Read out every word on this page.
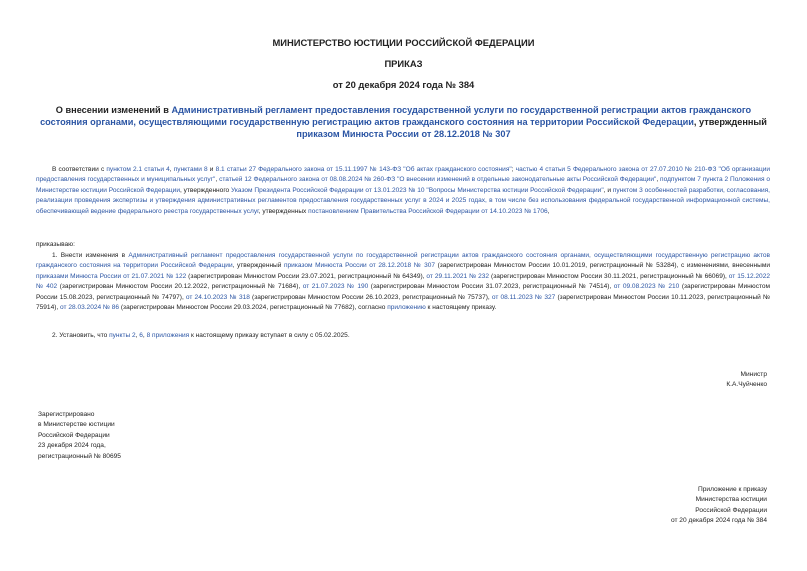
МИНИСТЕРСТВО ЮСТИЦИИ РОССИЙСКОЙ ФЕДЕРАЦИИ
ПРИКАЗ
от 20 декабря 2024 года № 384
О внесении изменений в Административный регламент предоставления государственной услуги по государственной регистрации актов гражданского состояния органами, осуществляющими государственную регистрацию актов гражданского состояния на территории Российской Федерации, утвержденный приказом Минюста России от 28.12.2018 № 307
В соответствии с пунктом 2.1 статьи 4, пунктами 8 и 8.1 статьи 27 Федерального закона от 15.11.1997 № 143-ФЗ "Об актах гражданского состояния"; частью 4 статьи 5 Федерального закона от 27.07.2010 № 210-ФЗ "Об организации предоставления государственных и муниципальных услуг", статьей 12 Федерального закона от 08.08.2024 № 260-ФЗ "О внесении изменений в отдельные законодательные акты Российской Федерации", подпунктом 7 пункта 2 Положения о Министерстве юстиции Российской Федерации, утвержденного Указом Президента Российской Федерации от 13.01.2023 № 10 "Вопросы Министерства юстиции Российской Федерации", и пунктом 3 особенностей разработки, согласования, реализации проведения экспертизы и утверждения административных регламентов предоставления государственных услуг в 2024 и 2025 годах, в том числе без использования федеральной государственной информационной системы, обеспечивающей ведение федерального реестра государственных услуг, утвержденных постановлением Правительства Российской Федерации от 14.10.2023 № 1706,
приказываю:
1. Внести изменения в Административный регламент предоставления государственной услуги по государственной регистрации актов гражданского состояния органами, осуществляющими государственную регистрацию актов гражданского состояния на территории Российской Федерации, утвержденный приказом Минюста России от 28.12.2018 № 307 (зарегистрирован Минюстом России 10.01.2019, регистрационный № 53284), с изменениями, внесенными приказами Минюста России от 21.07.2021 № 122 (зарегистрирован Минюстом России 23.07.2021, регистрационный № 64349), от 29.11.2021 № 232 (зарегистрирован Минюстом России 30.11.2021, регистрационный № 66069), от 15.12.2022 № 402 (зарегистрирован Минюстом России 20.12.2022, регистрационный № 71684), от 21.07.2023 № 190 (зарегистрирован Минюстом России 31.07.2023, регистрационный № 74514), от 09.08.2023 № 210 (зарегистрирован Минюстом России 15.08.2023, регистрационный № 74797), от 24.10.2023 № 318 (зарегистрирован Минюстом России 26.10.2023, регистрационный № 75737), от 08.11.2023 № 327 (зарегистрирован Минюстом России 10.11.2023, регистрационный № 75914), от 28.03.2024 № 86 (зарегистрирован Минюстом России 29.03.2024, регистрационный № 77682), согласно приложению к настоящему приказу.
2. Установить, что пункты 2, 6, 8 приложения к настоящему приказу вступает в силу с 05.02.2025.
Министр
К.А.Чуйченко
Зарегистрировано
в Министерстве юстиции
Российской Федерации
23 декабря 2024 года,
регистрационный № 80695
Приложение к приказу
Министерства юстиции
Российской Федерации
от 20 декабря 2024 года № 384
